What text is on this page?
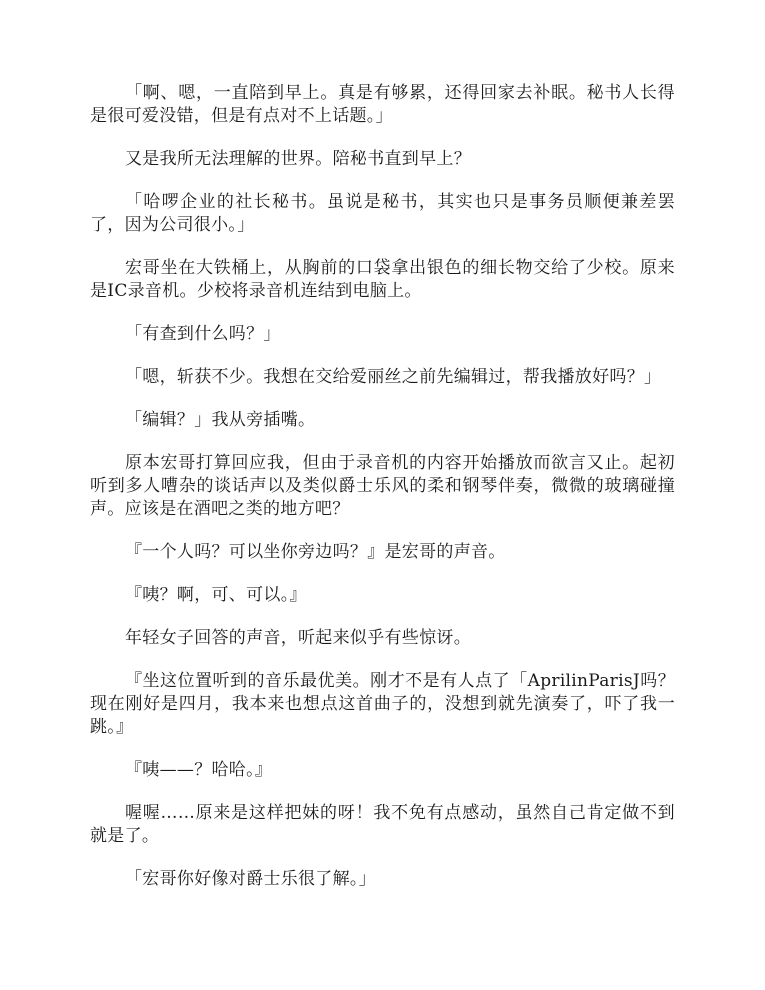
「啊、嗯，一直陪到早上。真是有够累，还得回家去补眠。秘书人长得是很可爱没错，但是有点对不上话题。」

又是我所无法理解的世界。陪秘书直到早上？

「哈啰企业的社长秘书。虽说是秘书，其实也只是事务员顺便兼差罢了，因为公司很小。」

宏哥坐在大铁桶上，从胸前的口袋拿出银色的细长物交给了少校。原来是IC录音机。少校将录音机连结到电脑上。

「有查到什么吗？」

「嗯，斩获不少。我想在交给爱丽丝之前先编辑过，帮我播放好吗？」

「编辑？」我从旁插嘴。

原本宏哥打算回应我，但由于录音机的内容开始播放而欲言又止。起初听到多人嘈杂的谈话声以及类似爵士乐风的柔和钢琴伴奏，微微的玻璃碰撞声。应该是在酒吧之类的地方吧？

『一个人吗？可以坐你旁边吗？』是宏哥的声音。

『咦？啊，可、可以。』

年轻女子回答的声音，听起来似乎有些惊讶。

『坐这位置听到的音乐最优美。刚才不是有人点了「AprilinParisJ吗？现在刚好是四月，我本来也想点这首曲子的，没想到就先演奏了，吓了我一跳。』

『咦——？哈哈。』

喔喔……原来是这样把妹的呀！我不免有点感动，虽然自己肯定做不到就是了。

「宏哥你好像对爵士乐很了解。」
